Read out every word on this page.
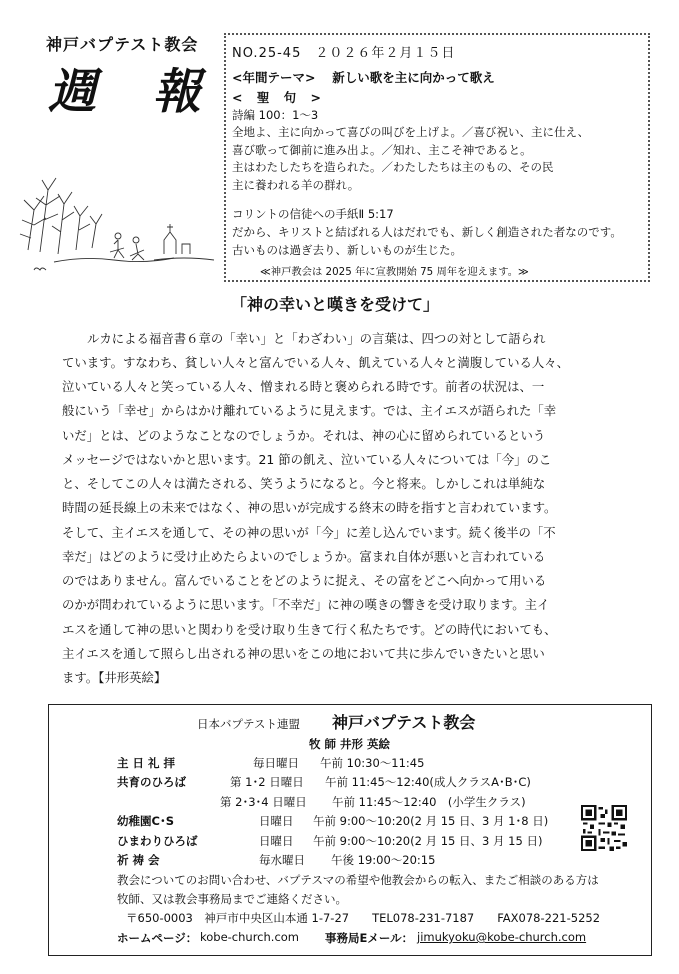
神戸バプテスト教会
週 報
NO.25-45　２０２６年２月１５日
<年間テーマ>　 新しい歌を主に向かって歌え
< 聖 句 >
詩編 100：1～3
全地よ、主に向かって喜びの叫びを上げよ。／喜び祝い、主に仕え、
喜び歌って御前に進み出よ。／知れ、主こそ神であると。
主はわたしたちを造られた。／わたしたちは主のもの、その民
主に養われる羊の群れ。
コリントの信徒への手紙Ⅱ 5:17
だから、キリストと結ばれる人はだれでも、新しく創造された者なのです。
古いものは過ぎ去り、新しいものが生じた。
≪神戸教会は 2025 年に宣教開始 75 周年を迎えます。≫
「神の幸いと嘆きを受けて」
ルカによる福音書６章の「幸い」と「わざわい」の言葉は、四つの対として語られ
ています。すなわち、貧しい人々と富んでいる人々、飢えている人々と満腹している人々、
泣いている人々と笑っている人々、憎まれる時と褒められる時です。前者の状況は、一
般にいう「幸せ」からはかけ離れているように見えます。では、主イエスが語られた「幸
いだ」とは、どのようなことなのでしょうか。それは、神の心に留められているという
メッセージではないかと思います。21 節の飢え、泣いている人々については「今」のこ
と、そしてこの人々は満たされる、笑うようになると。今と将来。しかしこれは単純な
時間の延長線上の未来ではなく、神の思いが完成する終末の時を指すと言われています。
そして、主イエスを通して、その神の思いが「今」に差し込んでいます。続く後半の「不
幸だ」はどのように受け止めたらよいのでしょうか。富まれ自体が悪いと言われている
のではありません。富んでいることをどのように捉え、その富をどこへ向かって用いる
のかが問われているように思います。「不幸だ」に神の嘆きの響きを受け取ります。主イ
エスを通して神の思いと関わりを受け取り生きて行く私たちです。どの時代においても、
主イエスを通して照らし出される神の思いをこの地において共に歩んでいきたいと思い
ます。【井形英絵】
日本バプテスト連盟 神戸バプテスト教会
牧 師 井形 英絵
主 日 礼 拝	毎日曜日 午前 10:30～11:45
共育のひろば	第 1･2 日曜日 午前 11:45～12:40(成人クラスA･B･C)
第 2･3･4 日曜日 午前 11:45～12:40　(小学生クラス)
幼稚園C･S	日曜日 午前 9:00～10:20(2 月 15 日、3 月 1･8 日)
ひまわりひろば	日曜日 午前 9:00～10:20(2 月 15 日、3 月 15 日)
祈 祷 会	毎水曜日 午後 19:00～20:15
教会についてのお問い合わせ、バプテスマの希望や他教会からの転入、またご相談のある方は
牧師、又は教会事務局までご連絡ください。
〒650-0003　神戸市中央区山本通 1-7-27　　TEL078-231-7187　　FAX078-221-5252
ホームページ： kobe-church.com 事務局Eメール： jimukyoku@kobe-church.com
